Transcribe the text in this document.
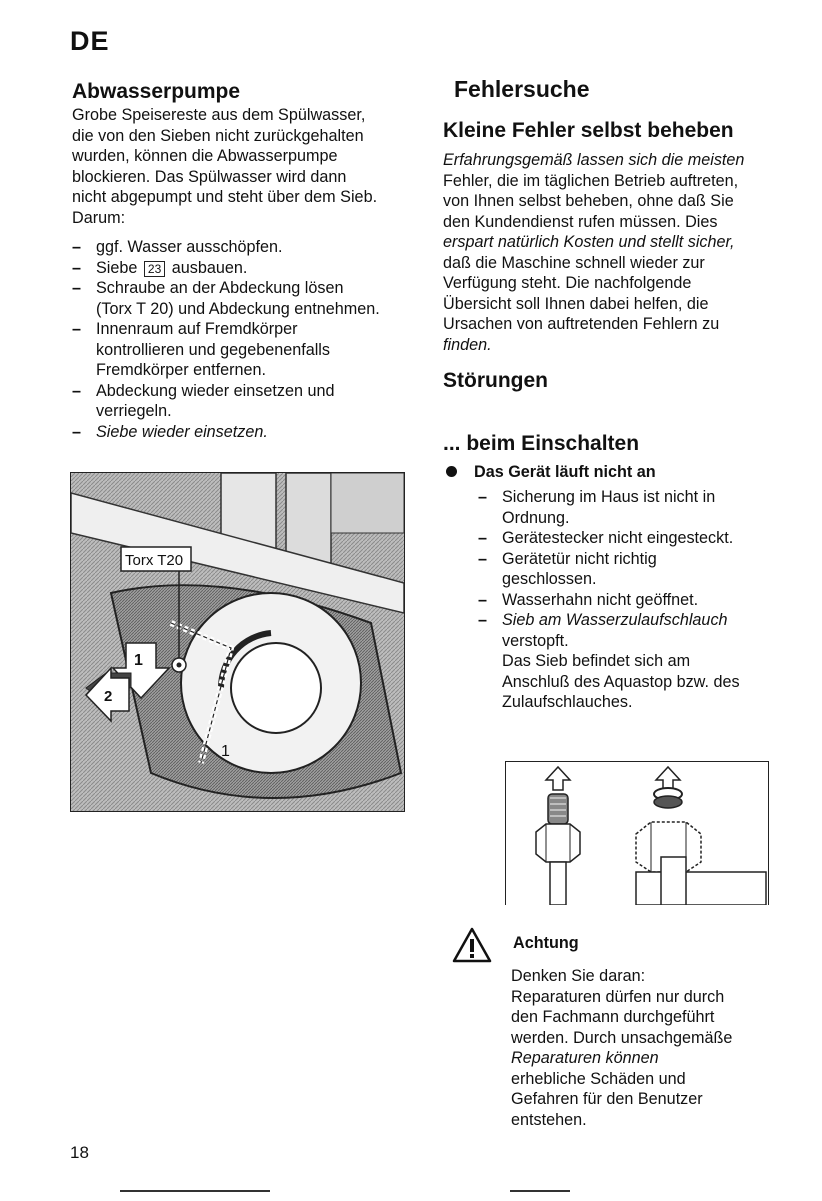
DE
Abwasserpumpe
Grobe Speisereste aus dem Spülwasser,
die von den Sieben nicht zurückgehalten
wurden, können die Abwasserpumpe
blockieren. Das Spülwasser wird dann
nicht abgepumpt und steht über dem Sieb.
Darum:
– ggf. Wasser ausschöpfen.
– Siebe 23 ausbauen.
– Schraube an der Abdeckung lösen
(Torx T 20) und Abdeckung entnehmen.
– Innenraum auf Fremdkörper
kontrollieren und gegebenenfalls
Fremdkörper entfernen.
– Abdeckung wieder einsetzen und
verriegeln.
– Siebe wieder einsetzen.
Torx T20
1
2
1
Fehlersuche
Kleine Fehler selbst beheben
Erfahrungsgemäß lassen sich die meisten
Fehler, die im täglichen Betrieb auftreten,
von Ihnen selbst beheben, ohne daß Sie
den Kundendienst rufen müssen. Dies
erspart natürlich Kosten und stellt sicher,
daß die Maschine schnell wieder zur
Verfügung steht. Die nachfolgende
Übersicht soll Ihnen dabei helfen, die
Ursachen von auftretenden Fehlern zu
finden.
Störungen
... beim Einschalten
Das Gerät läuft nicht an
– Sicherung im Haus ist nicht in
Ordnung.
– Gerätestecker nicht eingesteckt.
– Gerätetür nicht richtig
geschlossen.
– Wasserhahn nicht geöffnet.
– Sieb am Wasserzulaufschlauch
verstopft.
Das Sieb befindet sich am
Anschluß des Aquastop bzw. des
Zulaufschlauches.
Achtung
Denken Sie daran:
Reparaturen dürfen nur durch
den Fachmann durchgeführt
werden. Durch unsachgemäße
Reparaturen können
erhebliche Schäden und
Gefahren für den Benutzer
entstehen.
18
